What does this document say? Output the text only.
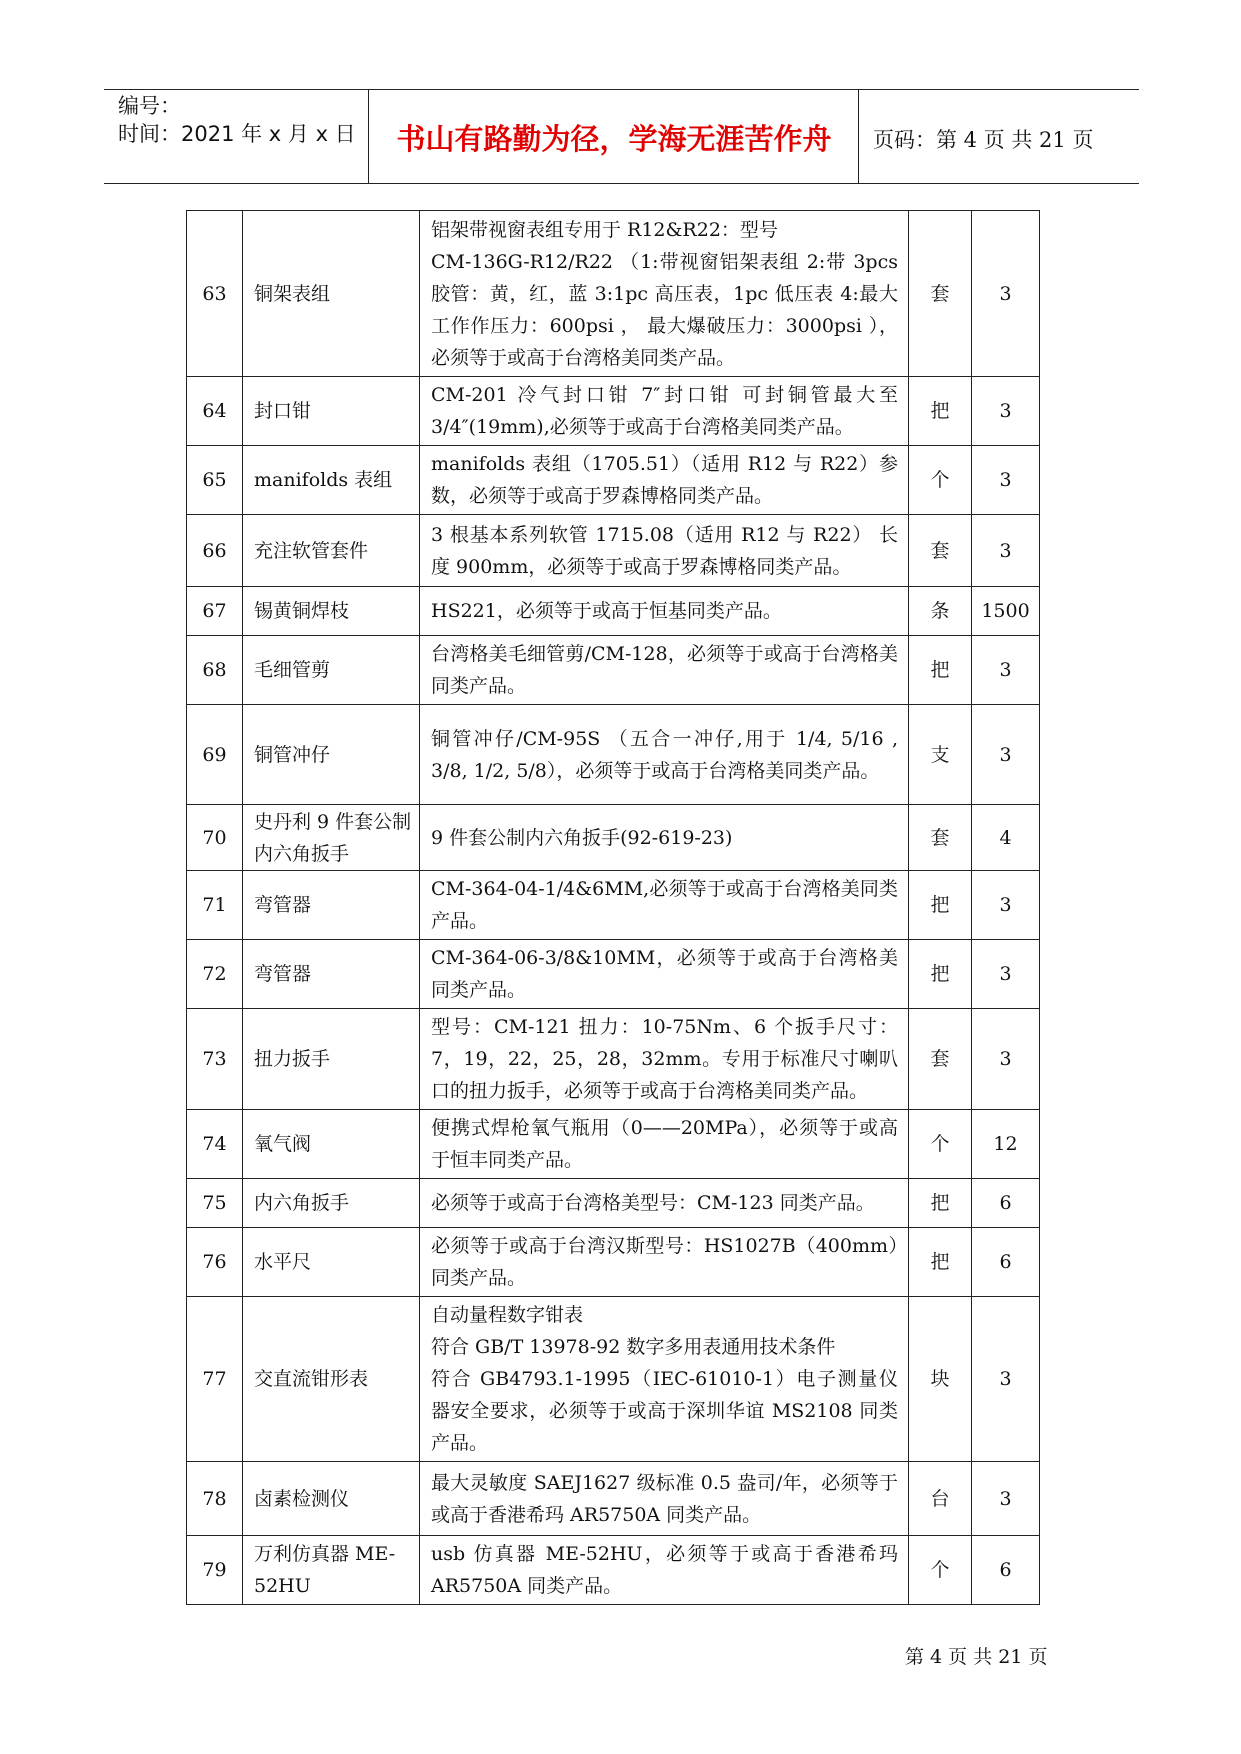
编号：
时间：2021 年 x 月 x 日	书山有路勤为径，学海无涯苦作舟	页码：第 4 页 共 21 页
63	铜架表组	铝架带视窗表组专用于 R12&R22：型号
CM-136G-R12/R22 （1:带视窗铝架表组 2:带 3pcs 胶管：黄，红，蓝 3:1pc 高压表，1pc 低压表 4:最大工作作压力：600psi ， 最大爆破压力：3000psi ），必须等于或高于台湾格美同类产品。	套	3
64	封口钳	CM-201 冷气封口钳 7″封口钳 可封铜管最大至 3/4″(19mm),必须等于或高于台湾格美同类产品。	把	3
65	manifolds 表组	manifolds 表组（1705.51）（适用 R12 与 R22）参数，必须等于或高于罗森博格同类产品。	个	3
66	充注软管套件	3 根基本系列软管 1715.08（适用 R12 与 R22） 长度 900mm，必须等于或高于罗森博格同类产品。	套	3
67	锡黄铜焊枝	HS221，必须等于或高于恒基同类产品。	条	1500
68	毛细管剪	台湾格美毛细管剪/CM-128，必须等于或高于台湾格美同类产品。	把	3
69	铜管冲仔	铜管冲仔/CM-95S （五合一冲仔,用于 1/4, 5/16 , 3/8, 1/2, 5/8），必须等于或高于台湾格美同类产品。	支	3
70	史丹利 9 件套公制内六角扳手	9 件套公制内六角扳手(92-619-23)	套	4
71	弯管器	CM-364-04-1/4&6MM,必须等于或高于台湾格美同类产品。	把	3
72	弯管器	CM-364-06-3/8&10MM，必须等于或高于台湾格美同类产品。	把	3
73	扭力扳手	型号：CM-121 扭力：10-75Nm、6 个扳手尺寸：7，19，22，25，28，32mm。专用于标准尺寸喇叭口的扭力扳手，必须等于或高于台湾格美同类产品。	套	3
74	氧气阀	便携式焊枪氧气瓶用（0——20MPa），必须等于或高于恒丰同类产品。	个	12
75	内六角扳手	必须等于或高于台湾格美型号：CM-123 同类产品。	把	6
76	水平尺	必须等于或高于台湾汉斯型号：HS1027B（400mm）同类产品。	把	6
77	交直流钳形表	自动量程数字钳表
符合 GB/T 13978-92 数字多用表通用技术条件
符合 GB4793.1-1995（IEC-61010-1）电子测量仪器安全要求，必须等于或高于深圳华谊 MS2108 同类产品。	块	3
78	卤素检测仪	最大灵敏度 SAEJ1627 级标准 0.5 盎司/年，必须等于或高于香港希玛 AR5750A 同类产品。	台	3
79	万利仿真器 ME-52HU	usb 仿真器 ME-52HU，必须等于或高于香港希玛 AR5750A 同类产品。	个	6
第 4 页 共 21 页
